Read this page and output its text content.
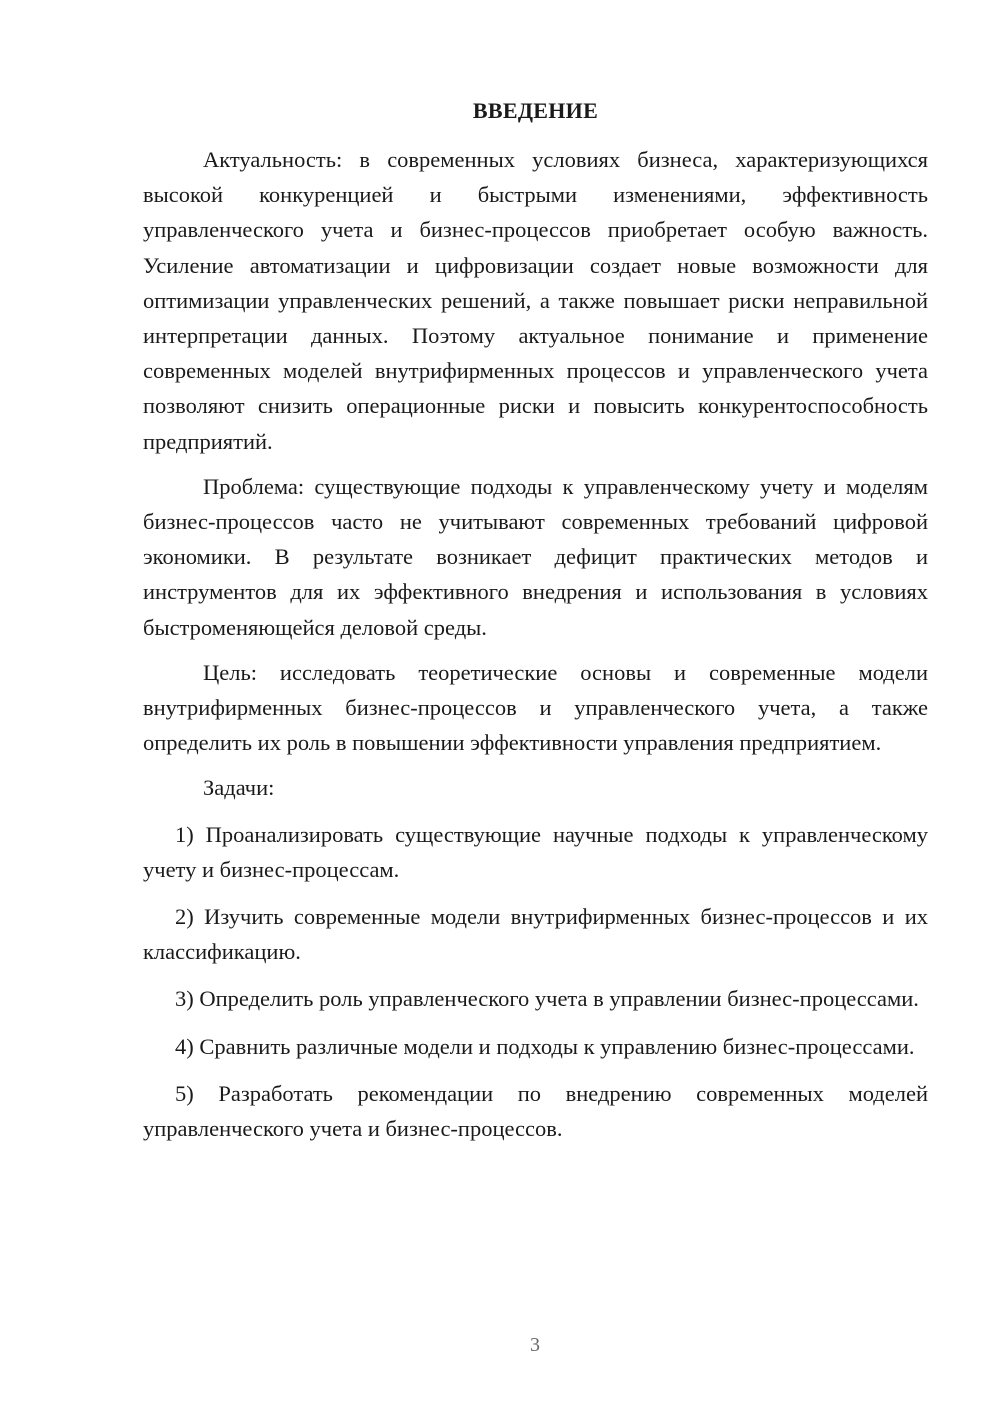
ВВЕДЕНИЕ

Актуальность: в современных условиях бизнеса, характеризующихся высокой конкуренцией и быстрыми изменениями, эффективность управленческого учета и бизнес-процессов приобретает особую важность. Усиление автоматизации и цифровизации создает новые возможности для оптимизации управленческих решений, а также повышает риски неправильной интерпретации данных. Поэтому актуальное понимание и применение современных моделей внутрифирменных процессов и управленческого учета позволяют снизить операционные риски и повысить конкурентоспособность предприятий.

Проблема: существующие подходы к управленческому учету и моделям бизнес-процессов часто не учитывают современных требований цифровой экономики. В результате возникает дефицит практических методов и инструментов для их эффективного внедрения и использования в условиях быстроменяющейся деловой среды.

Цель: исследовать теоретические основы и современные модели внутрифирменных бизнес-процессов и управленческого учета, а также определить их роль в повышении эффективности управления предприятием.

Задачи:

1) Проанализировать существующие научные подходы к управленческому учету и бизнес-процессам.

2) Изучить современные модели внутрифирменных бизнес-процессов и их классификацию.

3) Определить роль управленческого учета в управлении бизнес-процессами.

4) Сравнить различные модели и подходы к управлению бизнес-процессами.

5) Разработать рекомендации по внедрению современных моделей управленческого учета и бизнес-процессов.

3
